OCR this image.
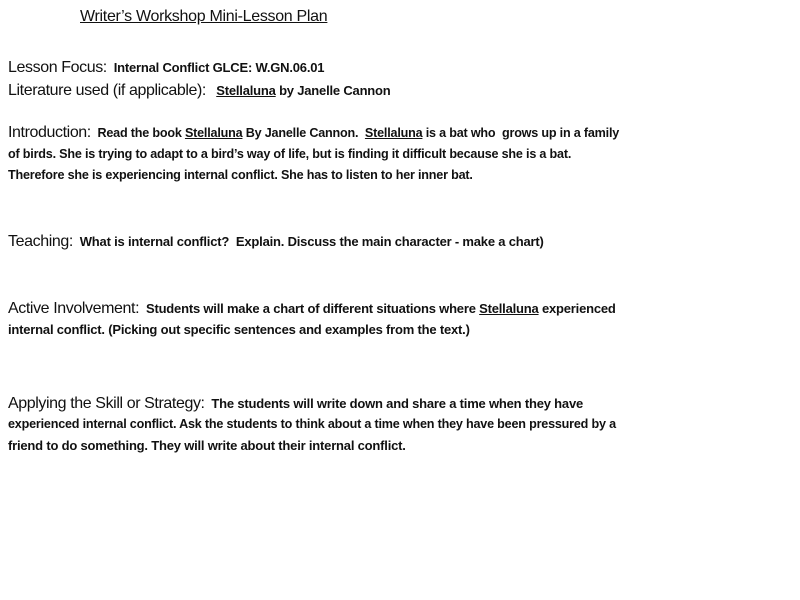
Writer’s Workshop Mini-Lesson Plan
Lesson Focus: Internal Conflict GLCE: W.GN.06.01
Literature used (if applicable): Stellaluna by Janelle Cannon
Introduction: Read the book Stellaluna By Janelle Cannon.  Stellaluna is a bat who  grows up in a family
of birds. She is trying to adapt to a bird’s way of life, but is finding it difficult because she is a bat.
Therefore she is experiencing internal conflict. She has to listen to her inner bat.
Teaching: What is internal conflict?  Explain. Discuss the main character - make a chart)
Active Involvement: Students will make a chart of different situations where Stellaluna experienced
internal conflict. (Picking out specific sentences and examples from the text.)
Applying the Skill or Strategy: The students will write down and share a time when they have
experienced internal conflict. Ask the students to think about a time when they have been pressured by a
friend to do something. They will write about their internal conflict.
